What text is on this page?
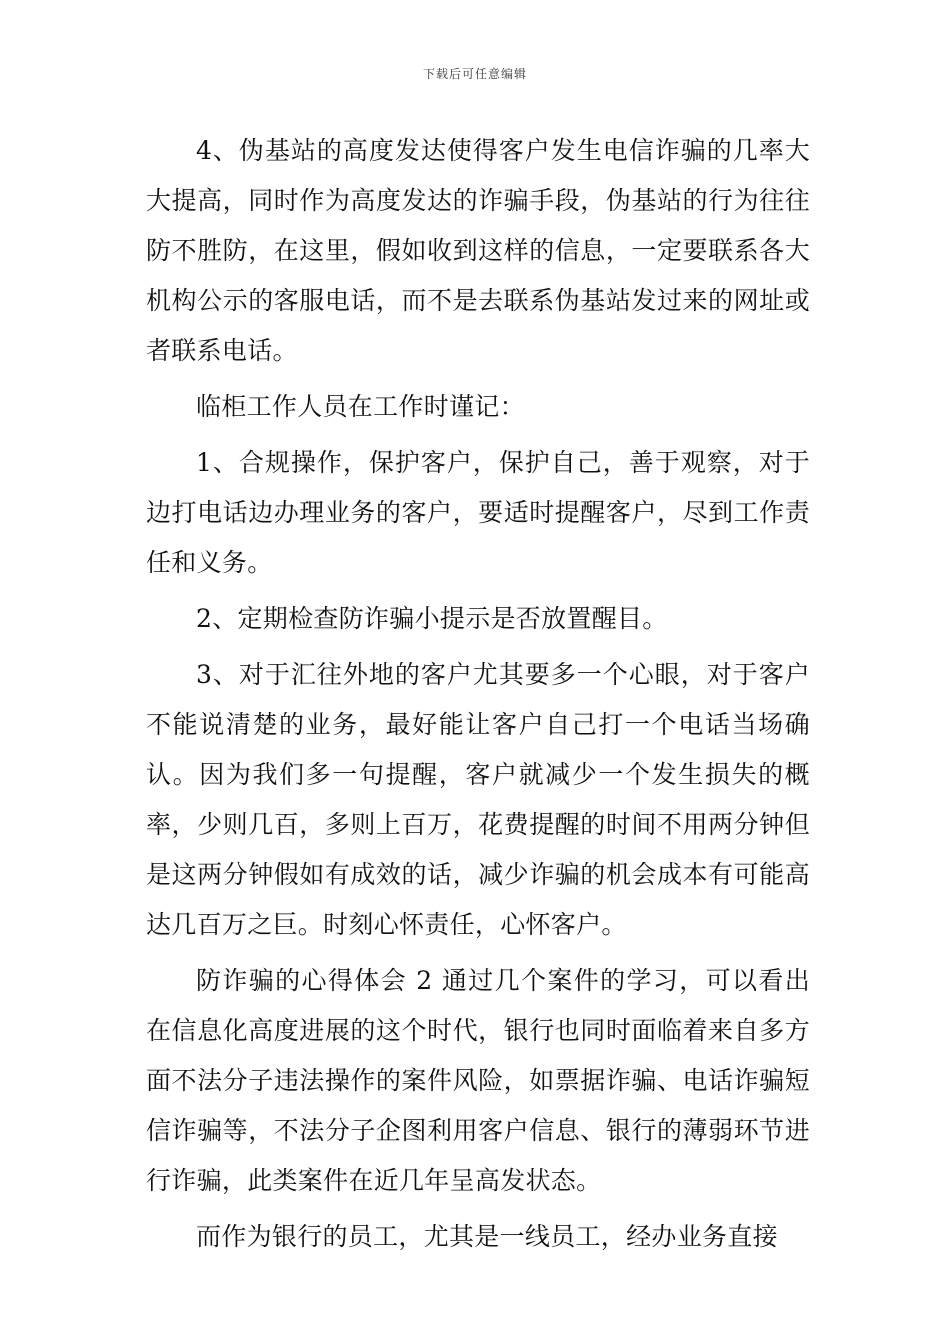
下载后可任意编辑

4、伪基站的高度发达使得客户发生电信诈骗的几率大大提高，同时作为高度发达的诈骗手段，伪基站的行为往往防不胜防，在这里，假如收到这样的信息，一定要联系各大机构公示的客服电话，而不是去联系伪基站发过来的网址或者联系电话。

临柜工作人员在工作时谨记：

1、合规操作，保护客户，保护自己，善于观察，对于边打电话边办理业务的客户，要适时提醒客户，尽到工作责任和义务。

2、定期检查防诈骗小提示是否放置醒目。

3、对于汇往外地的客户尤其要多一个心眼，对于客户不能说清楚的业务，最好能让客户自己打一个电话当场确认。因为我们多一句提醒，客户就减少一个发生损失的概率，少则几百，多则上百万，花费提醒的时间不用两分钟但是这两分钟假如有成效的话，减少诈骗的机会成本有可能高达几百万之巨。时刻心怀责任，心怀客户。

防诈骗的心得体会 2 通过几个案件的学习，可以看出在信息化高度进展的这个时代，银行也同时面临着来自多方面不法分子违法操作的案件风险，如票据诈骗、电话诈骗短信诈骗等，不法分子企图利用客户信息、银行的薄弱环节进行诈骗，此类案件在近几年呈高发状态。

而作为银行的员工，尤其是一线员工，经办业务直接
